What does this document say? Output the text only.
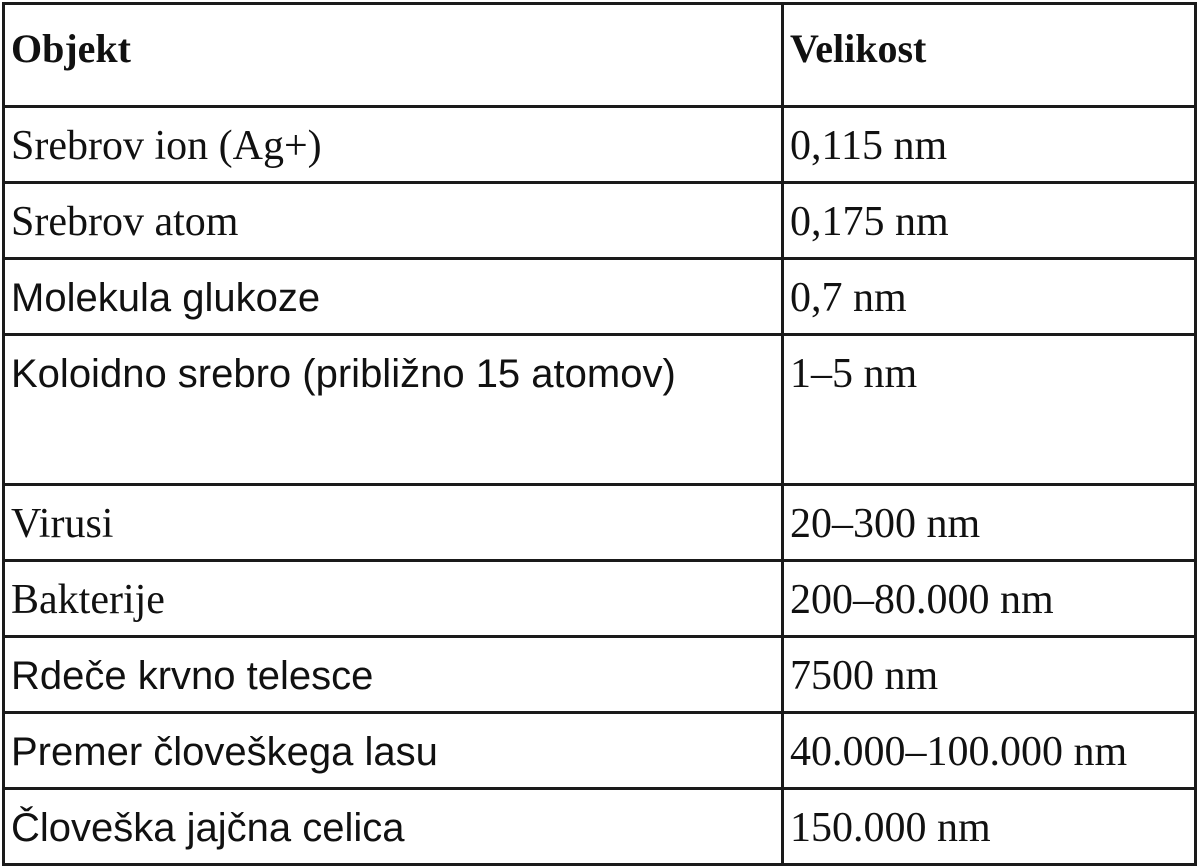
Objekt	Velikost
Srebrov ion (Ag+)	0,115 nm
Srebrov atom	0,175 nm
Molekula glukoze	0,7 nm
Koloidno srebro (približno 15 atomov)	1–5 nm
Virusi	20–300 nm
Bakterije	200–80.000 nm
Rdeče krvno telesce	7500 nm
Premer človeškega lasu	40.000–100.000 nm
Človeška jajčna celica	150.000 nm
